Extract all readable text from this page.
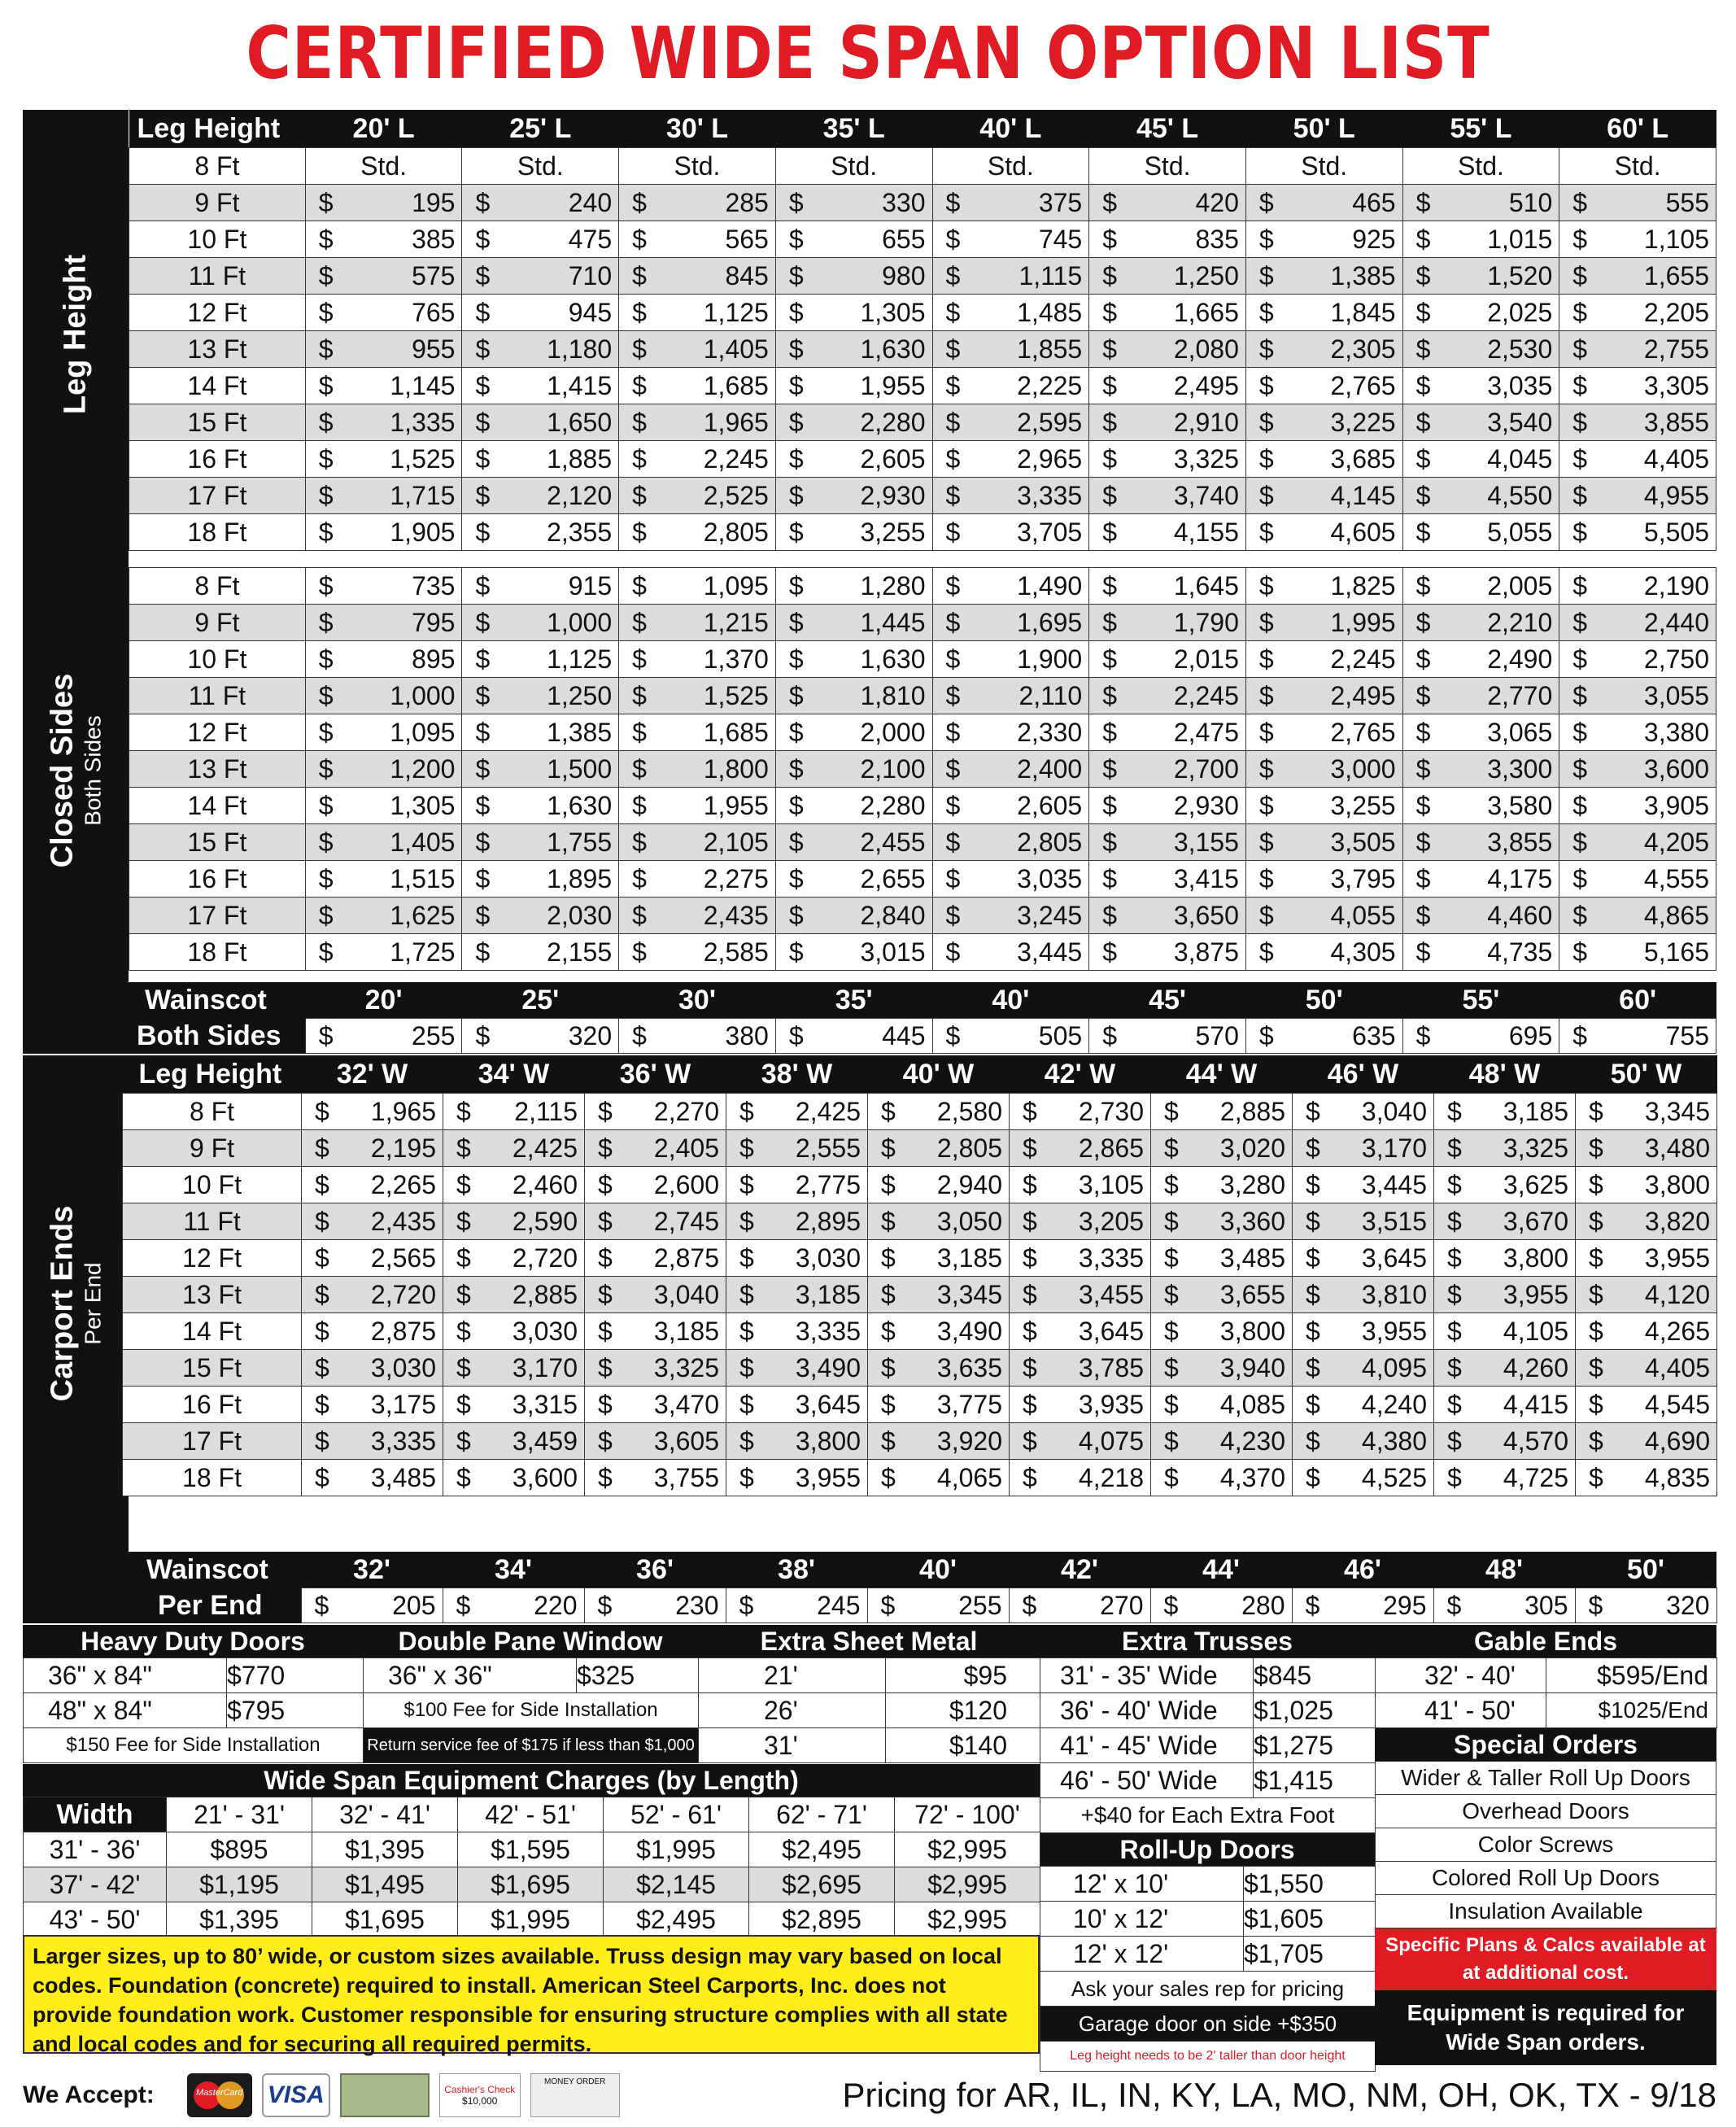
CERTIFIED WIDE SPAN OPTION LIST
Leg Height
Leg Height	20' L	25' L	30' L	35' L	40' L	45' L	50' L	55' L	60' L
8 Ft	Std.	Std.	Std.	Std.	Std.	Std.	Std.	Std.	Std.
9 Ft	$ 195	$ 240	$ 285	$ 330	$ 375	$ 420	$ 465	$ 510	$ 555

10 Ft	$ 385	$ 475	$ 565	$ 655	$ 745	$ 835	$ 925	$ 1,015	$ 1,105

11 Ft	$ 575	$ 710	$ 845	$ 980	$ 1,115	$ 1,250	$ 1,385	$ 1,520	$ 1,655

12 Ft	$ 765	$ 945	$ 1,125	$ 1,305	$ 1,485	$ 1,665	$ 1,845	$ 2,025	$ 2,205

13 Ft	$ 955	$ 1,180	$ 1,405	$ 1,630	$ 1,855	$ 2,080	$ 2,305	$ 2,530	$ 2,755

14 Ft	$ 1,145	$ 1,415	$ 1,685	$ 1,955	$ 2,225	$ 2,495	$ 2,765	$ 3,035	$ 3,305

15 Ft	$ 1,335	$ 1,650	$ 1,965	$ 2,280	$ 2,595	$ 2,910	$ 3,225	$ 3,540	$ 3,855

16 Ft	$ 1,525	$ 1,885	$ 2,245	$ 2,605	$ 2,965	$ 3,325	$ 3,685	$ 4,045	$ 4,405

17 Ft	$ 1,715	$ 2,120	$ 2,525	$ 2,930	$ 3,335	$ 3,740	$ 4,145	$ 4,550	$ 4,955

18 Ft	$ 1,905	$ 2,355	$ 2,805	$ 3,255	$ 3,705	$ 4,155	$ 4,605	$ 5,055	$ 5,505
Closed Sides Both Sides
8 Ft	$ 735	$ 915	$ 1,095	$ 1,280	$ 1,490	$ 1,645	$ 1,825	$ 2,005	$ 2,190

9 Ft	$ 795	$ 1,000	$ 1,215	$ 1,445	$ 1,695	$ 1,790	$ 1,995	$ 2,210	$ 2,440

10 Ft	$ 895	$ 1,125	$ 1,370	$ 1,630	$ 1,900	$ 2,015	$ 2,245	$ 2,490	$ 2,750

11 Ft	$ 1,000	$ 1,250	$ 1,525	$ 1,810	$ 2,110	$ 2,245	$ 2,495	$ 2,770	$ 3,055

12 Ft	$ 1,095	$ 1,385	$ 1,685	$ 2,000	$ 2,330	$ 2,475	$ 2,765	$ 3,065	$ 3,380

13 Ft	$ 1,200	$ 1,500	$ 1,800	$ 2,100	$ 2,400	$ 2,700	$ 3,000	$ 3,300	$ 3,600

14 Ft	$ 1,305	$ 1,630	$ 1,955	$ 2,280	$ 2,605	$ 2,930	$ 3,255	$ 3,580	$ 3,905

15 Ft	$ 1,405	$ 1,755	$ 2,105	$ 2,455	$ 2,805	$ 3,155	$ 3,505	$ 3,855	$ 4,205

16 Ft	$ 1,515	$ 1,895	$ 2,275	$ 2,655	$ 3,035	$ 3,415	$ 3,795	$ 4,175	$ 4,555

17 Ft	$ 1,625	$ 2,030	$ 2,435	$ 2,840	$ 3,245	$ 3,650	$ 4,055	$ 4,460	$ 4,865

18 Ft	$ 1,725	$ 2,155	$ 2,585	$ 3,015	$ 3,445	$ 3,875	$ 4,305	$ 4,735	$ 5,165
Wainscot	20'	25'	30'	35'	40'	45'	50'	55'	60'
Both Sides	$ 255	$ 320	$ 380	$ 445	$ 505	$ 570	$ 635	$ 695	$ 755
Carport Ends Per End
Leg Height	32' W	34' W	36' W	38' W	40' W	42' W	44' W	46' W	48' W	50' W
8 Ft	$ 1,965	$ 2,115	$ 2,270	$ 2,425	$ 2,580	$ 2,730	$ 2,885	$ 3,040	$ 3,185	$ 3,345

9 Ft	$ 2,195	$ 2,425	$ 2,405	$ 2,555	$ 2,805	$ 2,865	$ 3,020	$ 3,170	$ 3,325	$ 3,480

10 Ft	$ 2,265	$ 2,460	$ 2,600	$ 2,775	$ 2,940	$ 3,105	$ 3,280	$ 3,445	$ 3,625	$ 3,800

11 Ft	$ 2,435	$ 2,590	$ 2,745	$ 2,895	$ 3,050	$ 3,205	$ 3,360	$ 3,515	$ 3,670	$ 3,820

12 Ft	$ 2,565	$ 2,720	$ 2,875	$ 3,030	$ 3,185	$ 3,335	$ 3,485	$ 3,645	$ 3,800	$ 3,955

13 Ft	$ 2,720	$ 2,885	$ 3,040	$ 3,185	$ 3,345	$ 3,455	$ 3,655	$ 3,810	$ 3,955	$ 4,120

14 Ft	$ 2,875	$ 3,030	$ 3,185	$ 3,335	$ 3,490	$ 3,645	$ 3,800	$ 3,955	$ 4,105	$ 4,265

15 Ft	$ 3,030	$ 3,170	$ 3,325	$ 3,490	$ 3,635	$ 3,785	$ 3,940	$ 4,095	$ 4,260	$ 4,405

16 Ft	$ 3,175	$ 3,315	$ 3,470	$ 3,645	$ 3,775	$ 3,935	$ 4,085	$ 4,240	$ 4,415	$ 4,545

17 Ft	$ 3,335	$ 3,459	$ 3,605	$ 3,800	$ 3,920	$ 4,075	$ 4,230	$ 4,380	$ 4,570	$ 4,690

18 Ft	$ 3,485	$ 3,600	$ 3,755	$ 3,955	$ 4,065	$ 4,218	$ 4,370	$ 4,525	$ 4,725	$ 4,835
Wainscot	32'	34'	36'	38'	40'	42'	44'	46'	48'	50'
Per End	$ 205	$ 220	$ 230	$ 245	$ 255	$ 270	$ 280	$ 295	$ 305	$ 320
Heavy Duty Doors
36" x 84"	$770
48" x 84"	$795
$150 Fee for Side Installation	
Double Pane Window
36" x 36"	$325
$100 Fee for Side Installation
Return service fee of $175 if less than $1,000
Extra Sheet Metal
21'	$95
26'	$120
31'	$140
Extra Trusses
31' - 35' Wide	$845
36' - 40' Wide	$1,025
41' - 45' Wide	$1,275
46' - 50' Wide	$1,415
+$40 for Each Extra Foot	
Roll-Up Doors
12' x 10'	$1,550
10' x 12'	$1,605
12' x 12'	$1,705
Ask your sales rep for pricing	
Garage door on side +$350	
Leg height needs to be 2' taller than door height	
Gable Ends
32' - 40'	$595/End
41' - 50'	$1025/End
Special Orders
Wider & Taller Roll Up Doors
Overhead Doors
Color Screws
Colored Roll Up Doors
Insulation Available
Specific Plans & Calcs available at at additional cost.
Equipment is required for Wide Span orders.
Wide Span Equipment Charges (by Length)
Width	21' - 31'	32' - 41'	42' - 51'	52' - 61'	62' - 71'	72' - 100'
31' - 36'	$895	$1,395	$1,595	$1,995	$2,495	$2,995
37' - 42'	$1,195	$1,495	$1,695	$2,145	$2,695	$2,995
43' - 50'	$1,395	$1,695	$1,995	$2,495	$2,895	$2,995
Larger sizes, up to 80’ wide, or custom sizes available. Truss design may vary based on local codes. Foundation (concrete) required to install. American Steel Carports, Inc. does not provide foundation work. Customer responsible for ensuring structure complies with all state and local codes and for securing all required permits.
We Accept:	MasterCard	VISA	Cashier's Check
$10,000
MONEY ORDER	Pricing for AR, IL, IN, KY, LA, MO, NM, OH, OK, TX - 9/18
